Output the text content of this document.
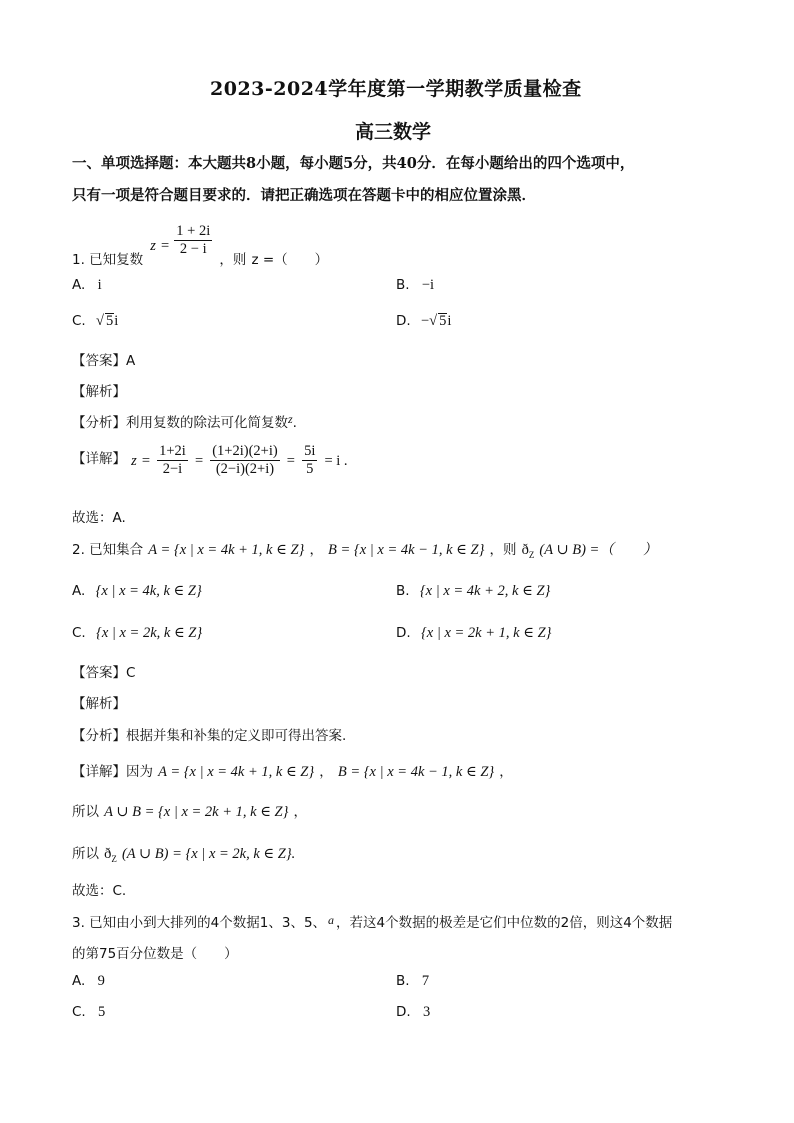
2023-2024学年度第一学期教学质量检查
高三数学
一、单项选择题：本大题共8小题，每小题5分，共40分．在每小题给出的四个选项中，
只有一项是符合题目要求的．请把正确选项在答题卡中的相应位置涂黑．
$_{1. 已知复数}$ $z = \frac{1 + 2i}{2 - i}$
$_{,则}$ $_{z =( )}$
A. i	B. −i
C. √ 5i	D. −√ 5i
【答案】A
【解析】
【分析】利用复数的除法可化简复数z.
【详解】 $z = \frac{1+2i}{2-i} = \frac{(1+2i)(2+i)}{(2-i)(2+i)} = \frac{5i}{5} = i$ .
故选：A.
2. 已知集合 A = {x | x = 4k + 1, k ∈ Z} ， B = {x | x = 4k − 1, k ∈ Z} ，则 $ð_Z$ (A ∪ B) =（　　）
A. {x | x = 4k, k ∈ Z}	B. {x | x = 4k + 2, k ∈ Z}
C. {x | x = 2k, k ∈ Z}	D. {x | x = 2k + 1, k ∈ Z}
【答案】C
【解析】
【分析】根据并集和补集的定义即可得出答案.
【详解】因为 A = {x | x = 4k + 1, k ∈ Z} ， B = {x | x = 4k − 1, k ∈ Z} ，
所以 A ∪ B = {x | x = 2k + 1, k ∈ Z} ，
所以 $ð_Z$ (A ∪ B) = {x | x = 2k, k ∈ Z}.
故选：C.
3. 已知由小到大排列的4个数据1、3、5、 a ，若这4个数据的极差是它们中位数的2倍，则这4个数据
的第75百分位数是（　　）
A. 9	B. 7
C. 5	D. 3
